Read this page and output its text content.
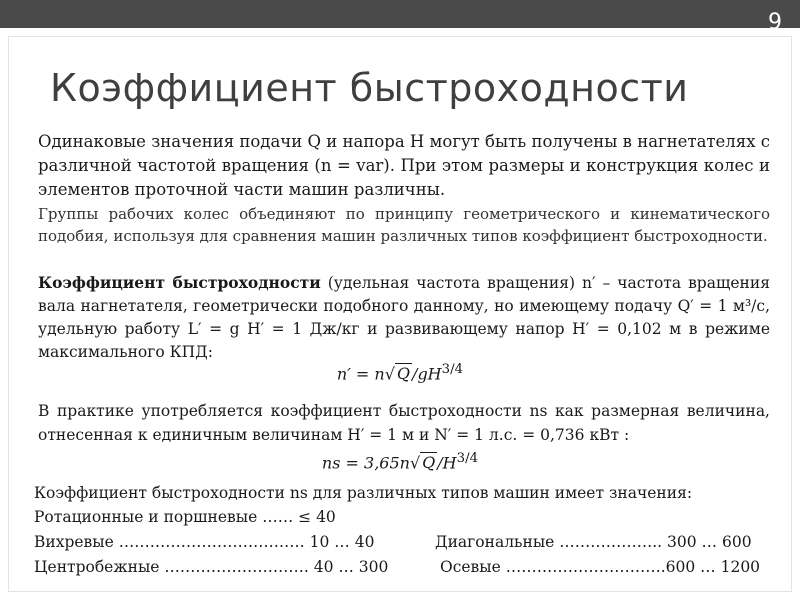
9
Коэффициент быстроходности
Одинаковые значения подачи Q и напора H могут быть получены в нагнетателях с различной частотой вращения (n = var). При этом размеры и конструкция колес и элементов проточной части машин различны.
Группы рабочих колес объединяют по принципу геометрического и кинематического подобия, используя для сравнения машин различных типов коэффициент быстроходности.
Коэффициент быстроходности (удельная частота вращения) n′ – частота вращения вала нагнетателя, геометрически подобного данному, но имеющему подачу Q′ = 1 м³/с, удельную работу L′ = g H′ = 1 Дж/кг и развивающему напор H′ = 0,102 м в режиме максимального КПД:
n′ = n√ Q $/gH^{3/4}$
В практике употребляется коэффициент быстроходности ns как размерная величина, отнесенная к единичным величинам H′ = 1 м и N′ = 1 л.с. = 0,736 кВт :
ns = 3,65n√ Q $/H^{3/4}$
Коэффициент быстроходности ns для различных типов машин имеет значения:
Ротационные и поршневые …… ≤ 40
Вихревые ……………………………… 10 … 40	Диагональные ……………….. 300 … 600
Центробежные ………………………. 40 … 300	Осевые ………………………….600 … 1200
